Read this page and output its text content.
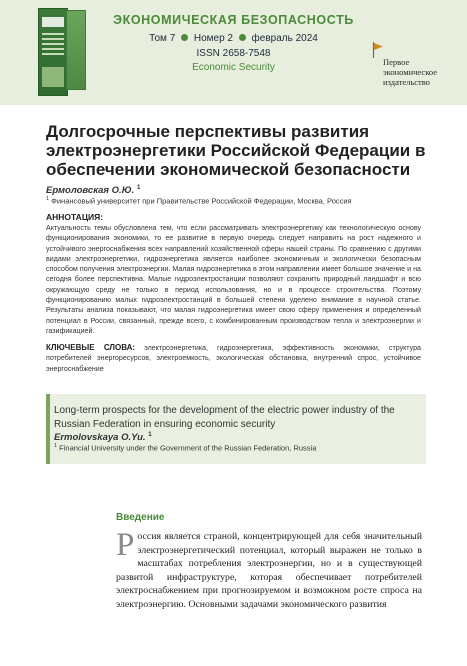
ЭКОНОМИЧЕСКАЯ БЕЗОПАСНОСТЬ
Том 7 Номер 2 февраль 2024
ISSN 2658-7548
Economic Security	Первое
экономическое
издательство
Долгосрочные перспективы развития электроэнергетики Российской Федерации в обеспечении экономической безопасности
Ермоловская О.Ю. $^1$
$^1$ Финансовый университет при Правительстве Российской Федерации, Москва, Россия
АННОТАЦИЯ:
Актуальность темы обусловлена тем, что если рассматривать электроэнергетику как технологическую основу функционирования экономики, то ее развитие в первую очередь следует направить на рост надежного и устойчивого энергоснабжения всех направлений хозяйственной сферы нашей страны. По сравнению с другими видами электроэнергетики, гидроэнергетика является наиболее экономичным и экологически безопасным способом получения электроэнергии. Малая гидроэнергетика в этом направлении имеет большое значение и на сегодня более перспективна. Малые гидроэлектростанции позволяют сохранить природный ландшафт и всю окружающую среду не только в период использования, но и в процессе строительства. Поэтому функционированию малых гидроэлектростанций в большей степени уделено внимание в научной статье. Результаты анализа показывают, что малая гидроэнергетика имеет свою сферу применения и определенный потенциал в России, связанный, прежде всего, с комбинированным производством тепла и электроэнергии и газификацией.
КЛЮЧЕВЫЕ СЛОВА: электроэнергетика, гидроэнергетика, эффективность экономики, структура потребителей энергоресурсов, электроемкость, экологическая обстановка, внутренний спрос, устойчивое энергоснабжение
Long-term prospects for the development of the electric power industry of the Russian Federation in ensuring economic security
Ermolovskaya O.Yu. $^1$
$^1$ Financial University under the Government of the Russian Federation, Russia
Введение
Россия является страной, концентрирующей для себя значительный электроэнергетический потенциал, который выражен не только в масштабах потребления электроэнергии, но и в существующей развитой инфраструктуре, которая обеспечивает потребителей электроснабжением при прогнозируемом и возможном росте спроса на электроэнергию. Основными задачами экономического развития
